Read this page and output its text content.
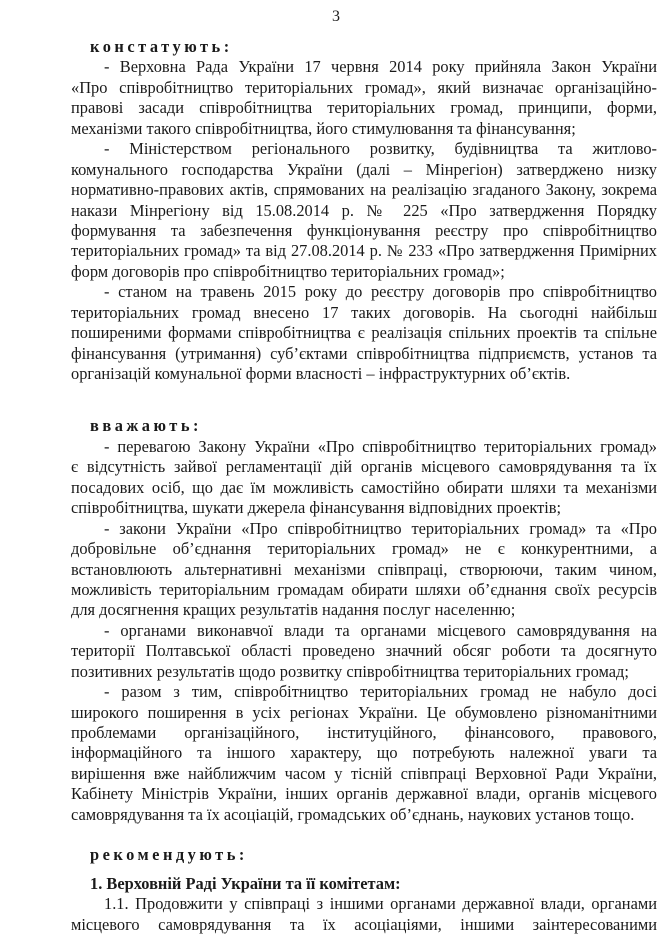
3
констатують:
- Верховна Рада України 17 червня 2014 року прийняла Закон України
«Про співробітництво територіальних громад», який визначає організаційно-
правові засади співробітництва територіальних громад, принципи, форми,
механізми такого співробітництва, його стимулювання та фінансування;
- Міністерством регіонального розвитку, будівництва та житлово-
комунального господарства України (далі – Мінрегіон) затверджено низку
нормативно-правових актів, спрямованих на реалізацію згаданого Закону, зокрема
накази Мінрегіону від 15.08.2014 р. № 225 «Про затвердження Порядку
формування та забезпечення функціонування реєстру про співробітництво
територіальних громад» та від 27.08.2014 р. № 233 «Про затвердження Примірних
форм договорів про співробітництво територіальних громад»;
- станом на травень 2015 року до реєстру договорів про співробітництво
територіальних громад внесено 17 таких договорів. На сьогодні найбільш
поширеними формами співробітництва є реалізація спільних проектів та спільне
фінансування (утримання) суб’єктами співробітництва підприємств, установ та
організацій комунальної форми власності – інфраструктурних об’єктів.
вважають:
- перевагою Закону України «Про співробітництво територіальних громад»
є відсутність зайвої регламентації дій органів місцевого самоврядування та їх
посадових осіб, що дає їм можливість самостійно обирати шляхи та механізми
співробітництва, шукати джерела фінансування відповідних проектів;
- закони України «Про співробітництво територіальних громад» та «Про
добровільне об’єднання територіальних громад» не є конкурентними, а
встановлюють альтернативні механізми співпраці, створюючи, таким чином,
можливість територіальним громадам обирати шляхи об’єднання своїх ресурсів
для досягнення кращих результатів надання послуг населенню;
- органами виконавчої влади та органами місцевого самоврядування на
території Полтавської області проведено значний обсяг роботи та досягнуто
позитивних результатів щодо розвитку співробітництва територіальних громад;
- разом з тим, співробітництво територіальних громад не набуло досі
широкого поширення в усіх регіонах України. Це обумовлено різноманітними
проблемами організаційного, інституційного, фінансового, правового,
інформаційного та іншого характеру, що потребують належної уваги та
вирішення вже найближчим часом у тісній співпраці Верховної Ради України,
Кабінету Міністрів України, інших органів державної влади, органів місцевого
самоврядування та їх асоціацій, громадських об’єднань, наукових установ тощо.
рекомендують:
1. Верховній Раді України та її комітетам:
1.1. Продовжити у співпраці з іншими органами державної влади, органами
місцевого самоврядування та їх асоціаціями, іншими заінтересованими
